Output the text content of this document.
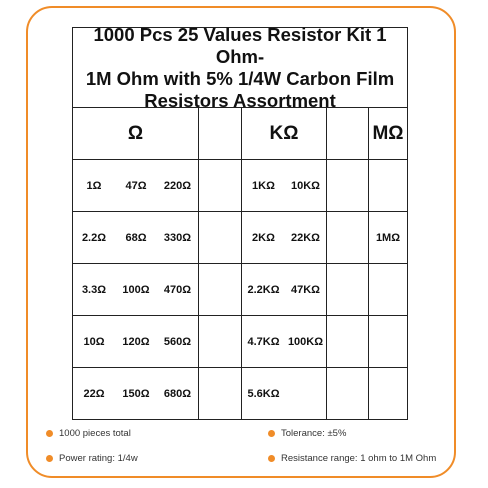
1000 Pcs 25 Values Resistor Kit 1 Ohm-
1M Ohm with 5% 1/4W Carbon Film
Resistors Assortment
Ω	KΩ	MΩ
1Ω	47Ω	220Ω	1KΩ	10KΩ
2.2Ω	68Ω	330Ω	2KΩ	22KΩ	1MΩ
3.3Ω	100Ω	470Ω	2.2KΩ	47KΩ
10Ω	120Ω	560Ω	4.7KΩ 100KΩ
22Ω	150Ω	680Ω	5.6KΩ
1000 pieces total	Tolerance: ±5%
Power rating: 1/4w	Resistance range: 1 ohm to 1M Ohm
